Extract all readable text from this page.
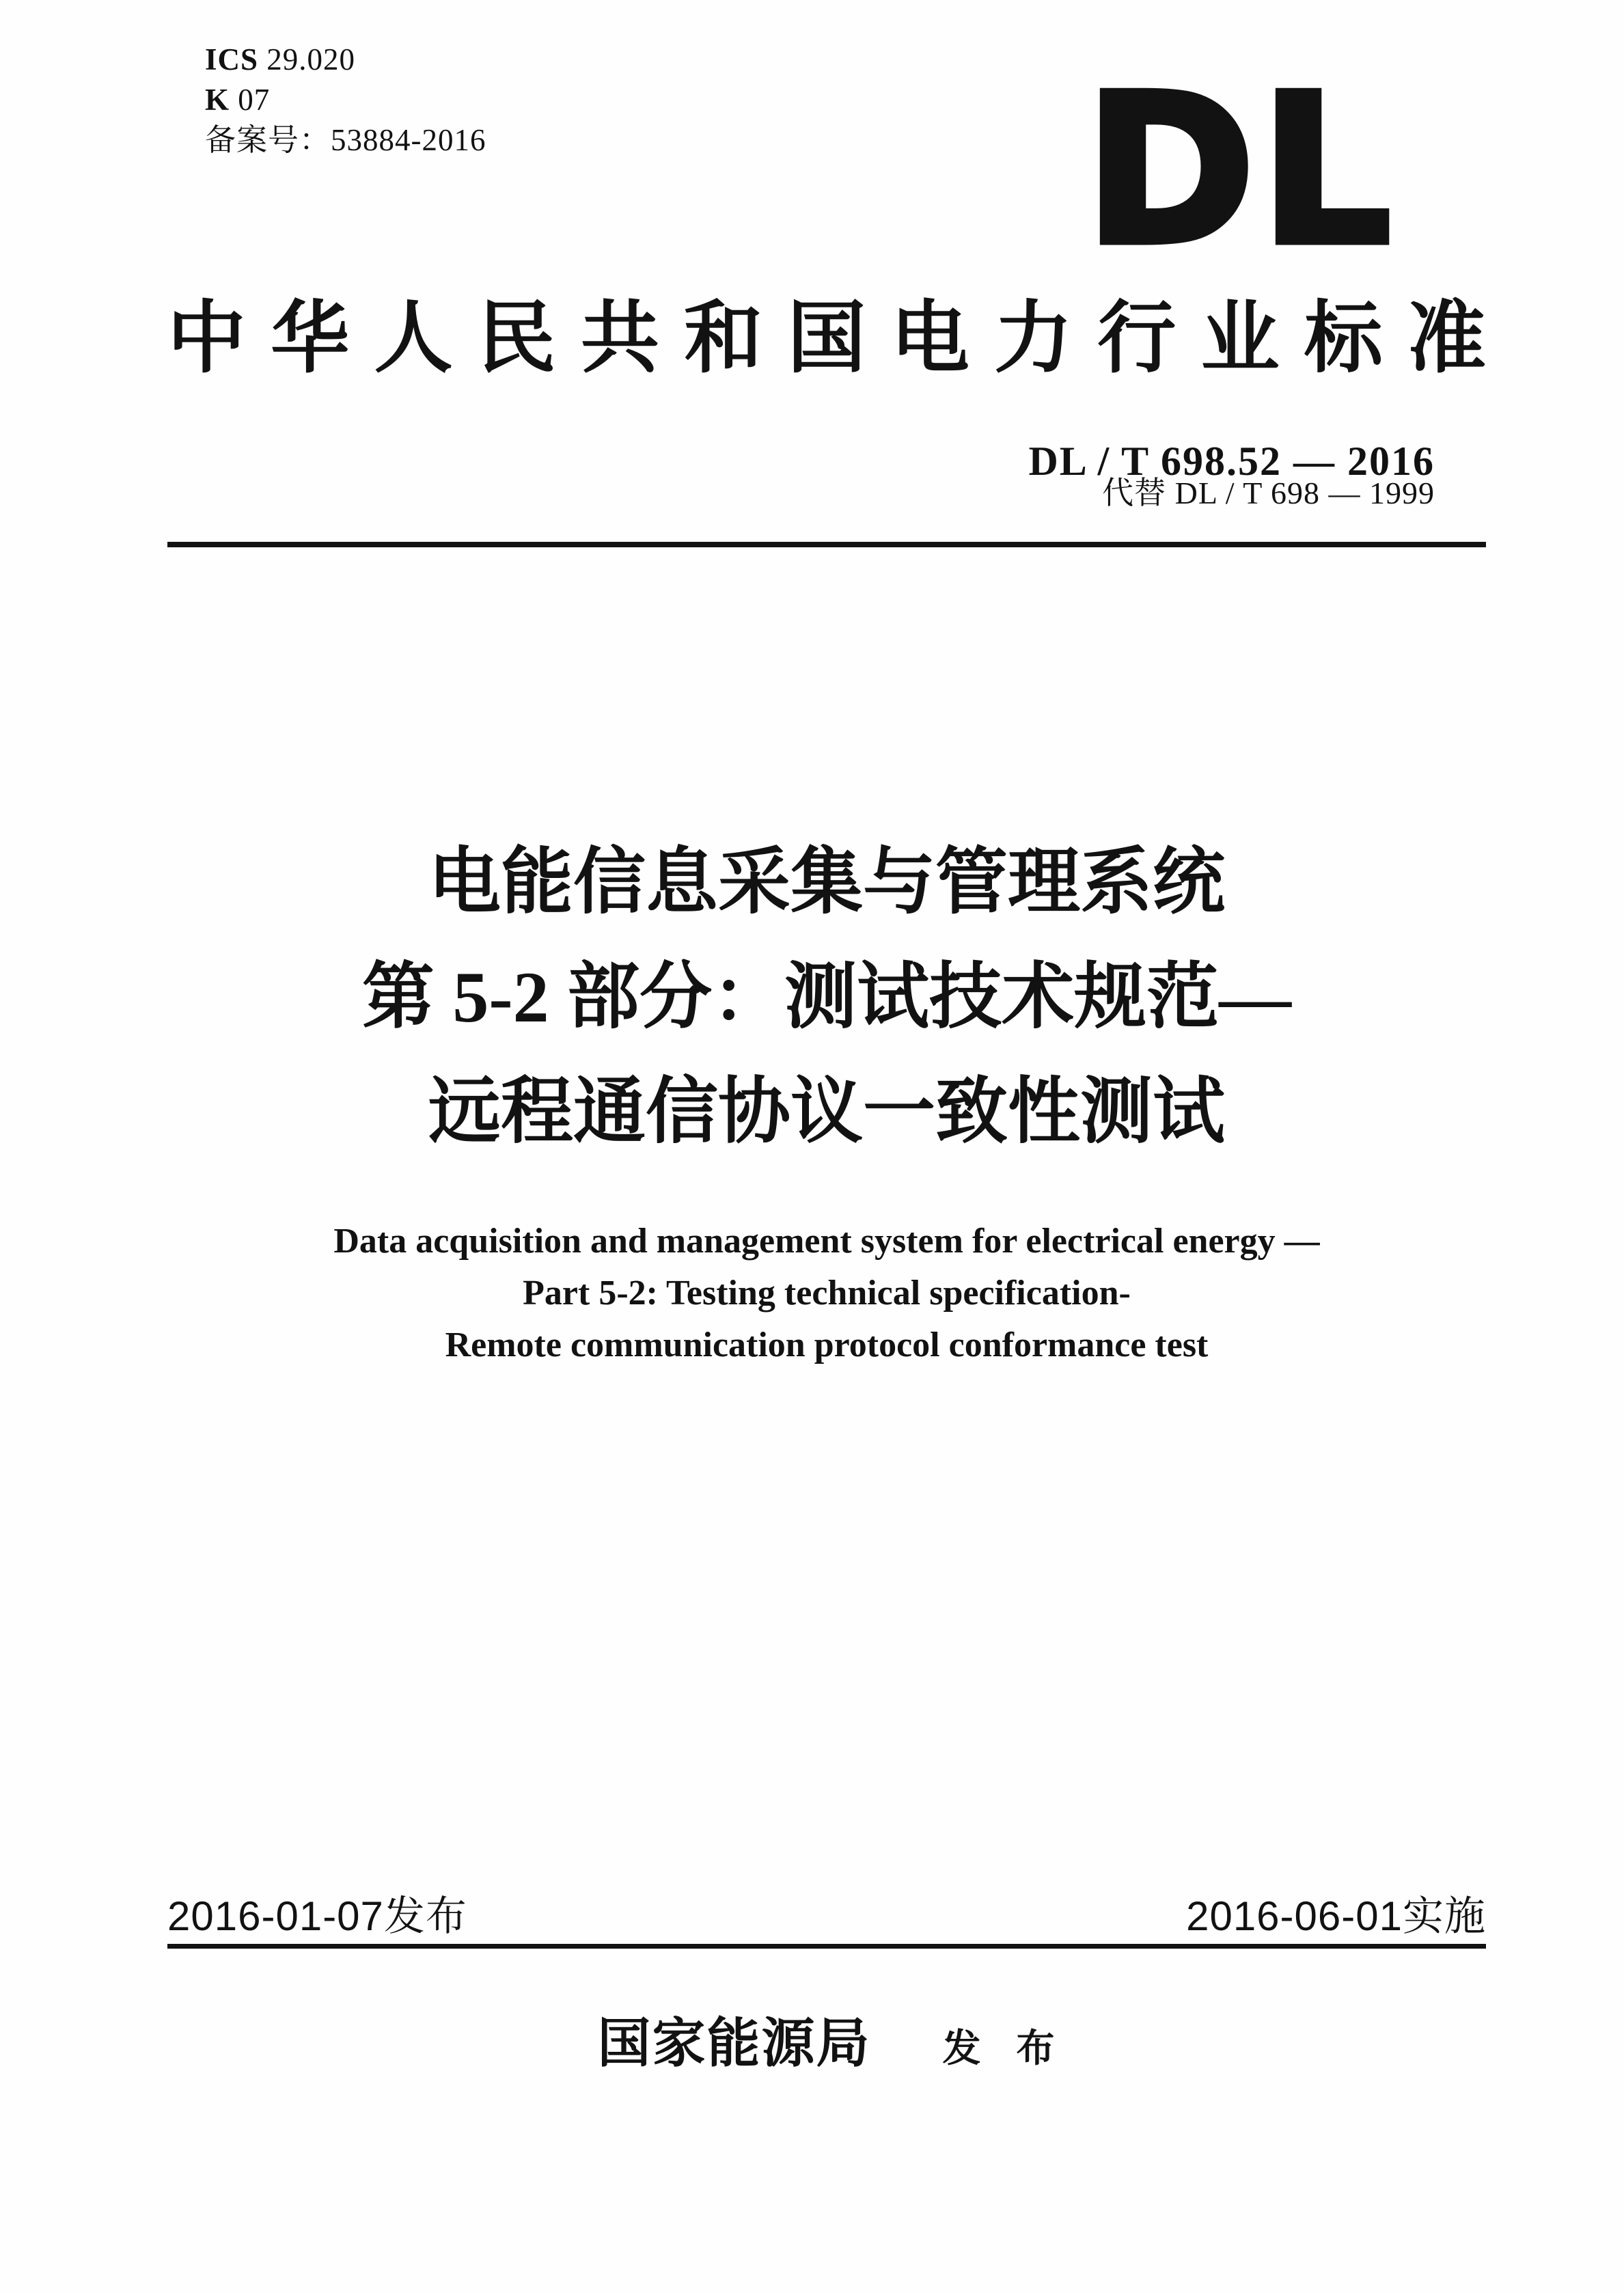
ICS 29.020
K 07
备案号：53884-2016	DL
中华人民共和国电力行业标准
DL / T 698.52 — 2016
代替 DL / T 698 — 1999
电能信息采集与管理系统
第 5-2 部分：测试技术规范—
远程通信协议一致性测试
Data acquisition and management system for electrical energy —
Part 5-2: Testing technical specification-
Remote communication protocol conformance test
2016-01-07发布	2016-06-01实施
国家能源局 发 布
